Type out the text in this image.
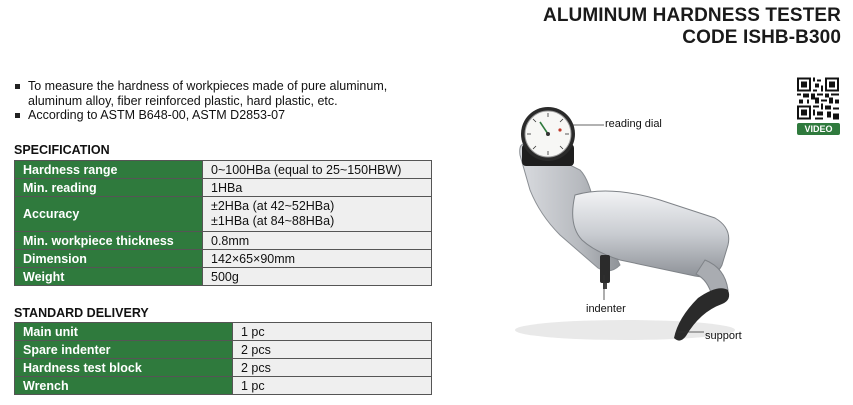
ALUMINUM HARDNESS TESTER
CODE ISHB-B300
To measure the hardness of workpieces made of pure aluminum, aluminum alloy, fiber reinforced plastic, hard plastic, etc.
According to ASTM B648-00, ASTM D2853-07
SPECIFICATION
Hardness range	0~100HBa (equal to 25~150HBW)
Min. reading	1HBa
Accuracy	±2HBa (at 42~52HBa)
±1HBa (at 84~88HBa)

Min. workpiece thickness	0.8mm
Dimension	142×65×90mm
Weight	500g
STANDARD DELIVERY
Main unit	1 pc
Spare indenter	2 pcs
Hardness test block	2 pcs
Wrench	1 pc
VIDEO
reading dial
indenter
support
